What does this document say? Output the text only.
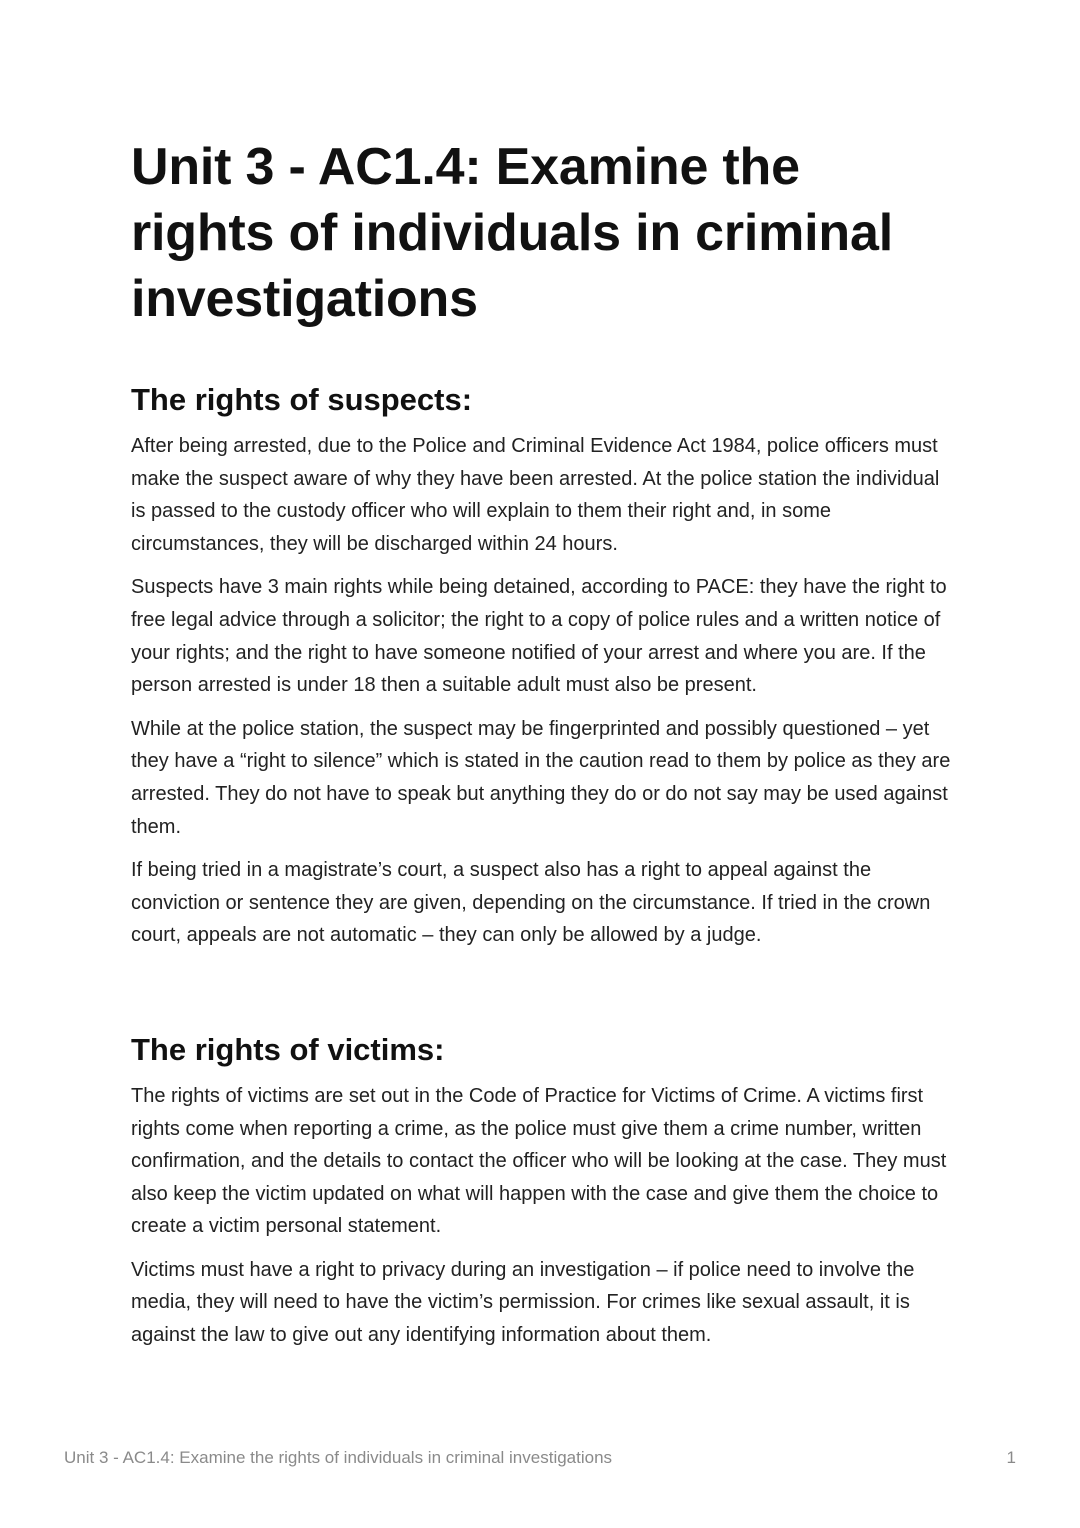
Unit 3 - AC1.4: Examine the rights of individuals in criminal investigations
The rights of suspects:

After being arrested, due to the Police and Criminal Evidence Act 1984, police officers must make the suspect aware of why they have been arrested. At the police station the individual is passed to the custody officer who will explain to them their right and, in some circumstances, they will be discharged within 24 hours.

Suspects have 3 main rights while being detained, according to PACE: they have the right to free legal advice through a solicitor; the right to a copy of police rules and a written notice of your rights; and the right to have someone notified of your arrest and where you are. If the person arrested is under 18 then a suitable adult must also be present.

While at the police station, the suspect may be fingerprinted and possibly questioned – yet they have a “right to silence” which is stated in the caution read to them by police as they are arrested. They do not have to speak but anything they do or do not say may be used against them.

If being tried in a magistrate’s court, a suspect also has a right to appeal against the conviction or sentence they are given, depending on the circumstance. If tried in the crown court, appeals are not automatic – they can only be allowed by a judge.

The rights of victims:

The rights of victims are set out in the Code of Practice for Victims of Crime. A victims first rights come when reporting a crime, as the police must give them a crime number, written confirmation, and the details to contact the officer who will be looking at the case. They must also keep the victim updated on what will happen with the case and give them the choice to create a victim personal statement.

Victims must have a right to privacy during an investigation – if police need to involve the media, they will need to have the victim’s permission. For crimes like sexual assault, it is against the law to give out any identifying information about them.

Unit 3 - AC1.4: Examine the rights of individuals in criminal investigations	1
